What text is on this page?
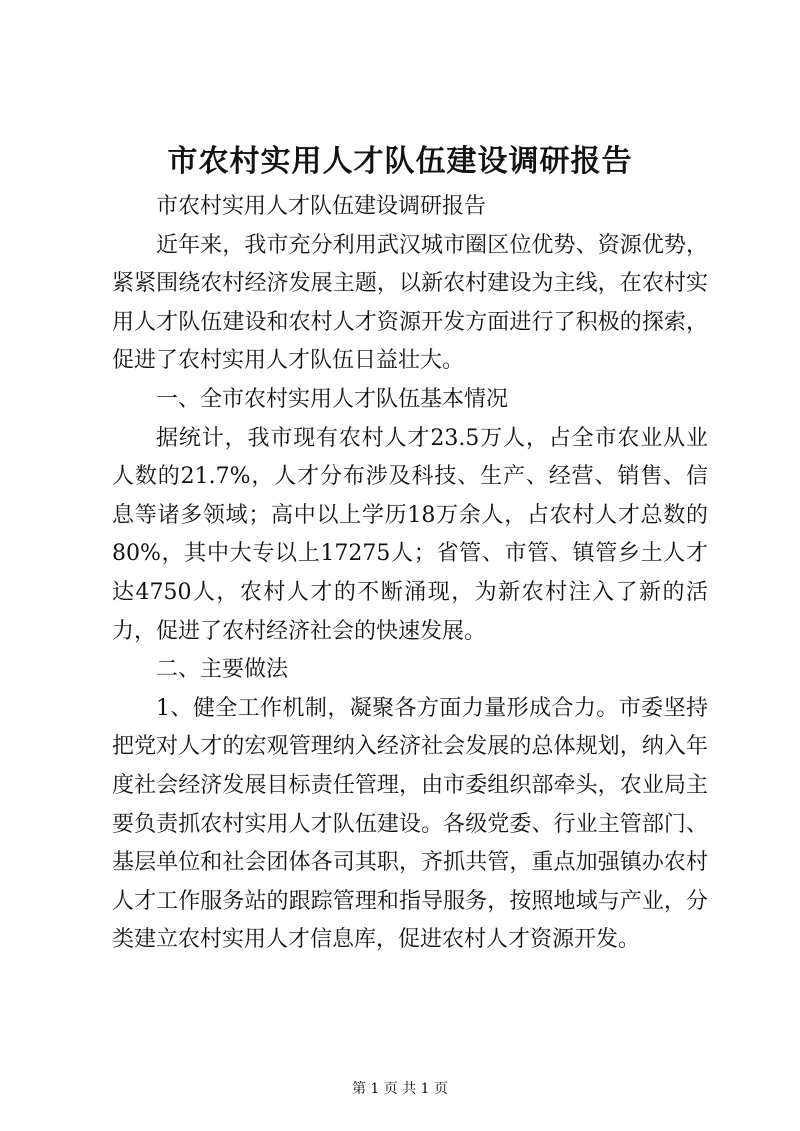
市农村实用人才队伍建设调研报告

市农村实用人才队伍建设调研报告

近年来，我市充分利用武汉城市圈区位优势、资源优势，紧紧围绕农村经济发展主题，以新农村建设为主线，在农村实用人才队伍建设和农村人才资源开发方面进行了积极的探索，促进了农村实用人才队伍日益壮大。

一、全市农村实用人才队伍基本情况

据统计，我市现有农村人才23.5万人，占全市农业从业人数的21.7%，人才分布涉及科技、生产、经营、销售、信息等诸多领域；高中以上学历18万余人，占农村人才总数的80%，其中大专以上17275人；省管、市管、镇管乡土人才达4750人，农村人才的不断涌现，为新农村注入了新的活力，促进了农村经济社会的快速发展。

二、主要做法

1、健全工作机制，凝聚各方面力量形成合力。市委坚持把党对人才的宏观管理纳入经济社会发展的总体规划，纳入年度社会经济发展目标责任管理，由市委组织部牵头，农业局主要负责抓农村实用人才队伍建设。各级党委、行业主管部门、基层单位和社会团体各司其职，齐抓共管，重点加强镇办农村人才工作服务站的跟踪管理和指导服务，按照地域与产业，分类建立农村实用人才信息库，促进农村人才资源开发。

第 1 页 共 1 页
